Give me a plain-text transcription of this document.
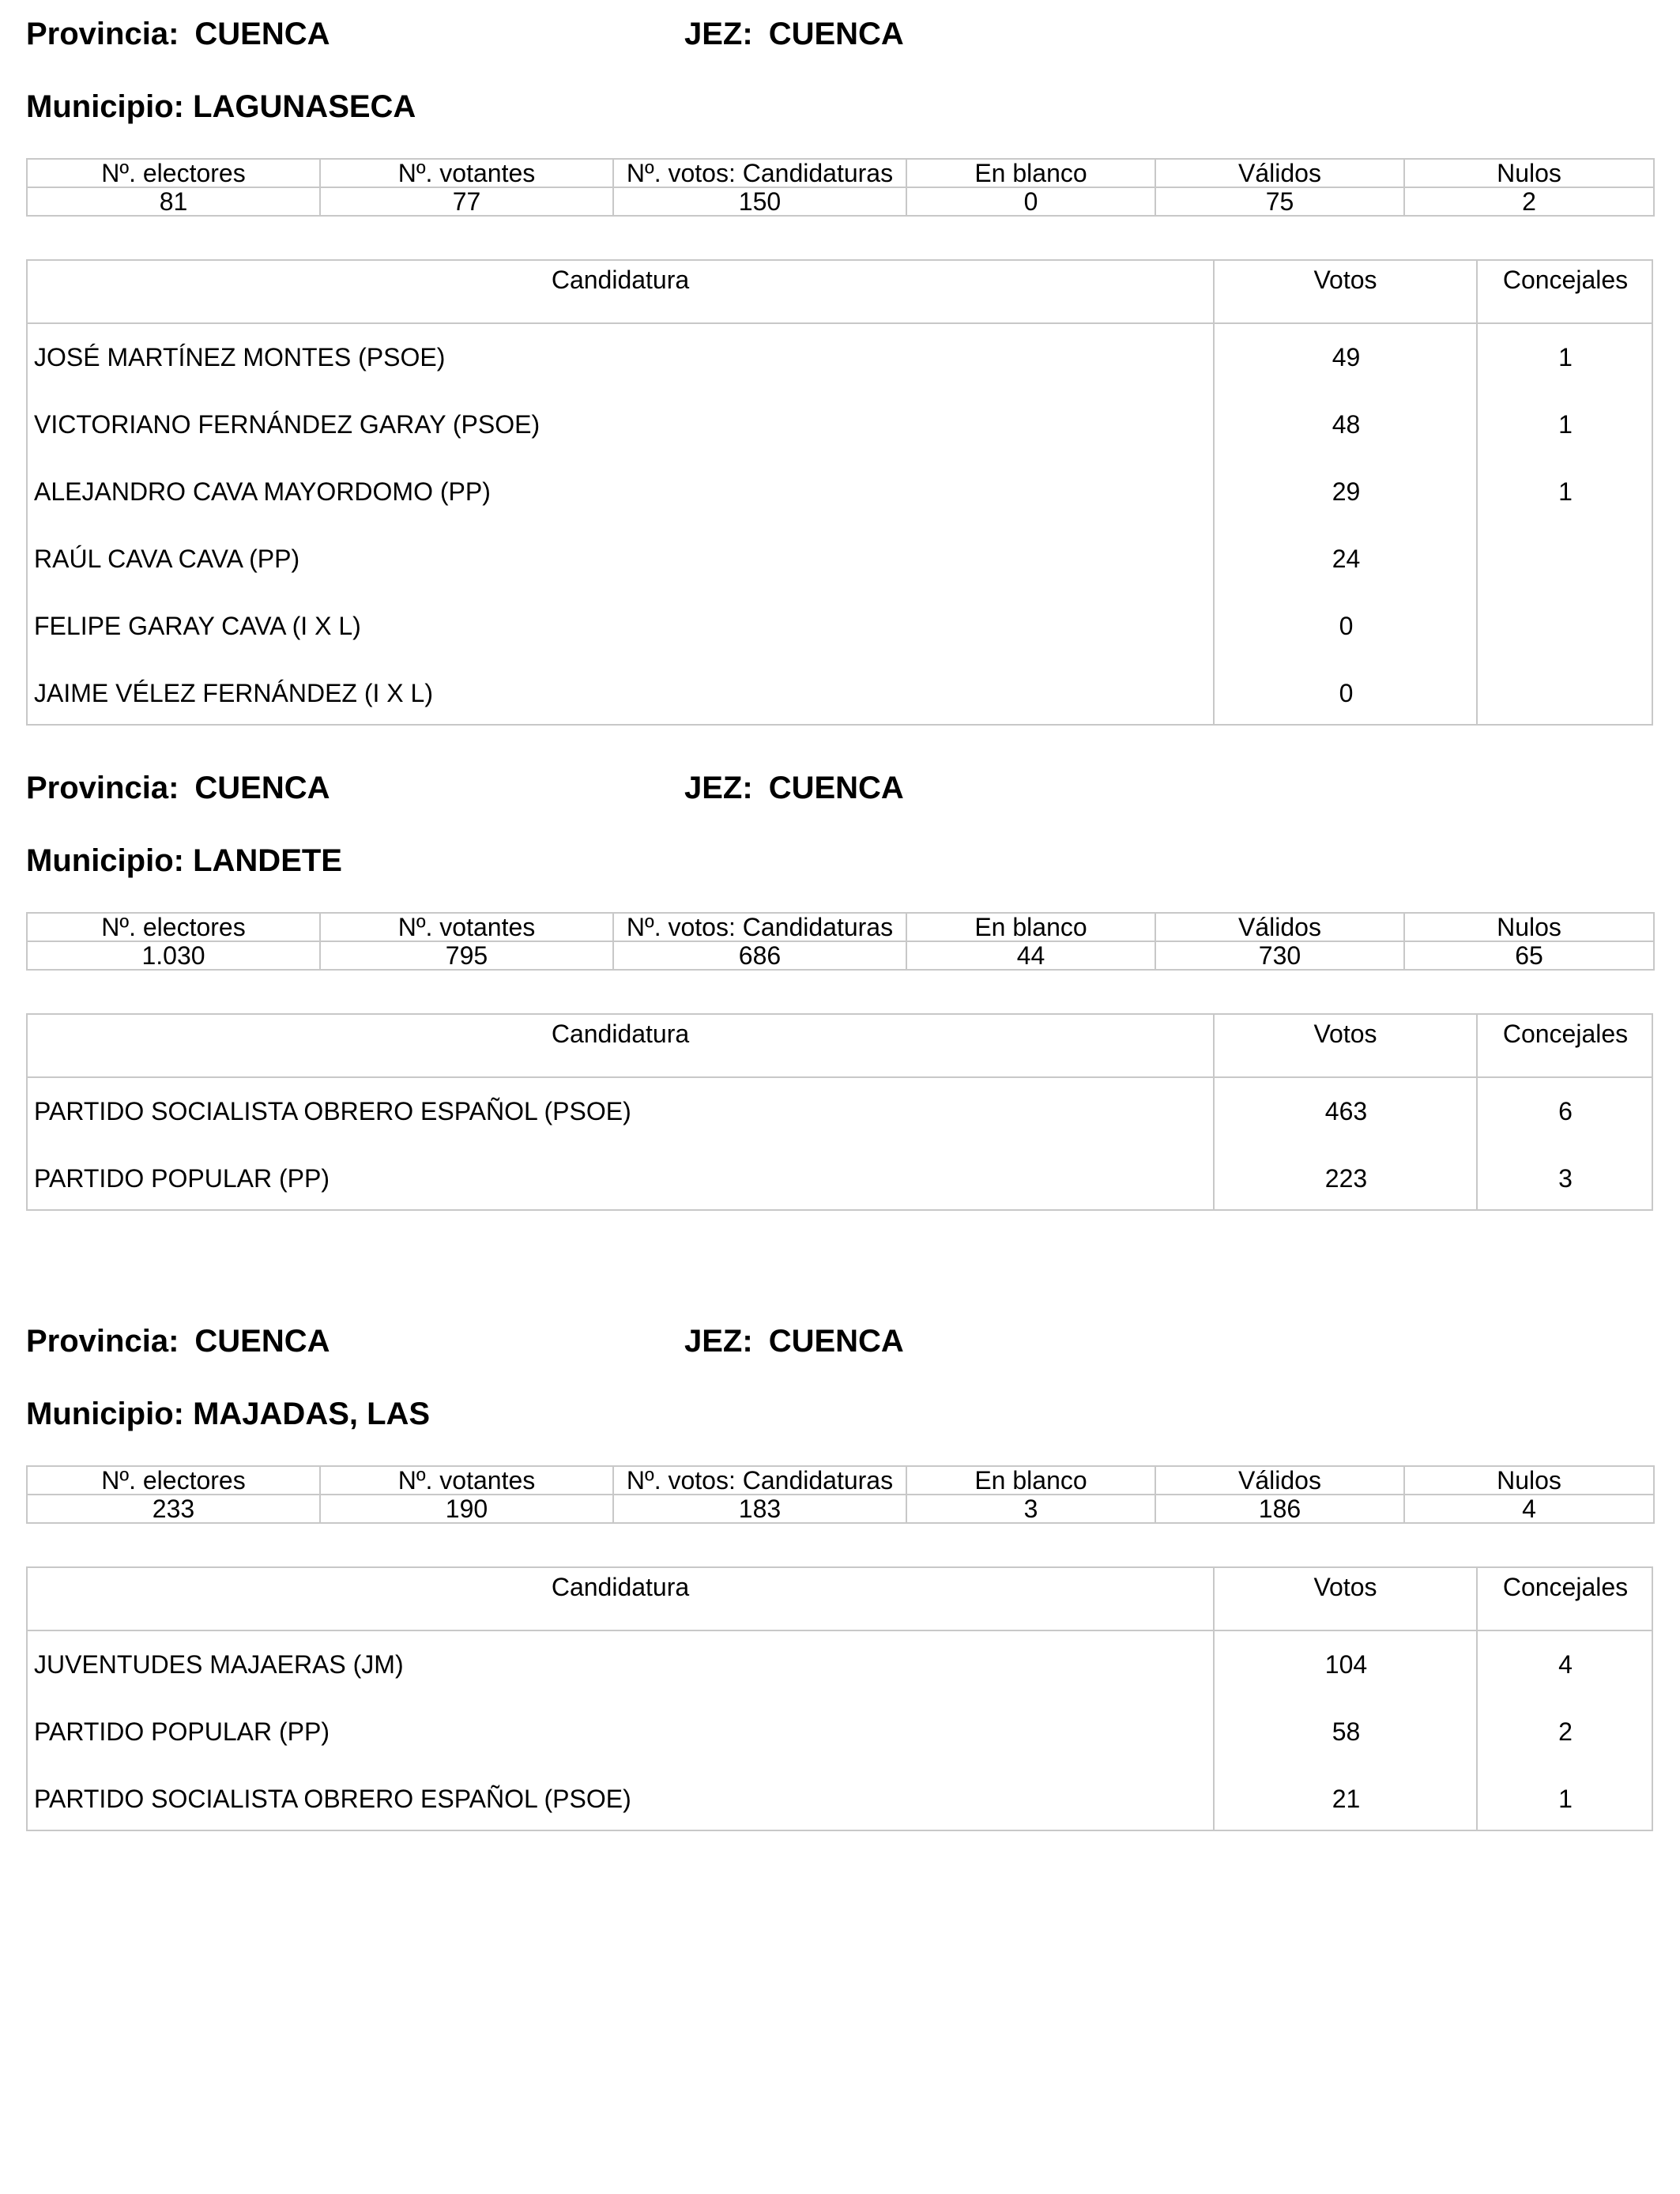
Provincia: CUENCA	JEZ: CUENCA
Municipio: LAGUNASECA
Nº. electores	Nº. votantes	Nº. votos: Candidaturas	En blanco	Válidos	Nulos
81	77	150	0	75	2
Candidatura	Votos	Concejales
JOSÉ MARTÍNEZ MONTES (PSOE)	49	1
VICTORIANO FERNÁNDEZ GARAY (PSOE)	48	1
ALEJANDRO CAVA MAYORDOMO (PP)	29	1
RAÚL CAVA CAVA (PP)	24
FELIPE GARAY CAVA (I X L)	0
JAIME VÉLEZ FERNÁNDEZ (I X L)	0
Provincia: CUENCA	JEZ: CUENCA
Municipio: LANDETE
Nº. electores	Nº. votantes	Nº. votos: Candidaturas	En blanco	Válidos	Nulos
1.030	795	686	44	730	65
Candidatura	Votos	Concejales
PARTIDO SOCIALISTA OBRERO ESPAÑOL (PSOE)	463	6
PARTIDO POPULAR (PP)	223	3
Provincia: CUENCA	JEZ: CUENCA
Municipio: MAJADAS, LAS
Nº. electores	Nº. votantes	Nº. votos: Candidaturas	En blanco	Válidos	Nulos
233	190	183	3	186	4
Candidatura	Votos	Concejales
JUVENTUDES MAJAERAS (JM)	104	4
PARTIDO POPULAR (PP)	58	2
PARTIDO SOCIALISTA OBRERO ESPAÑOL (PSOE)	21	1
